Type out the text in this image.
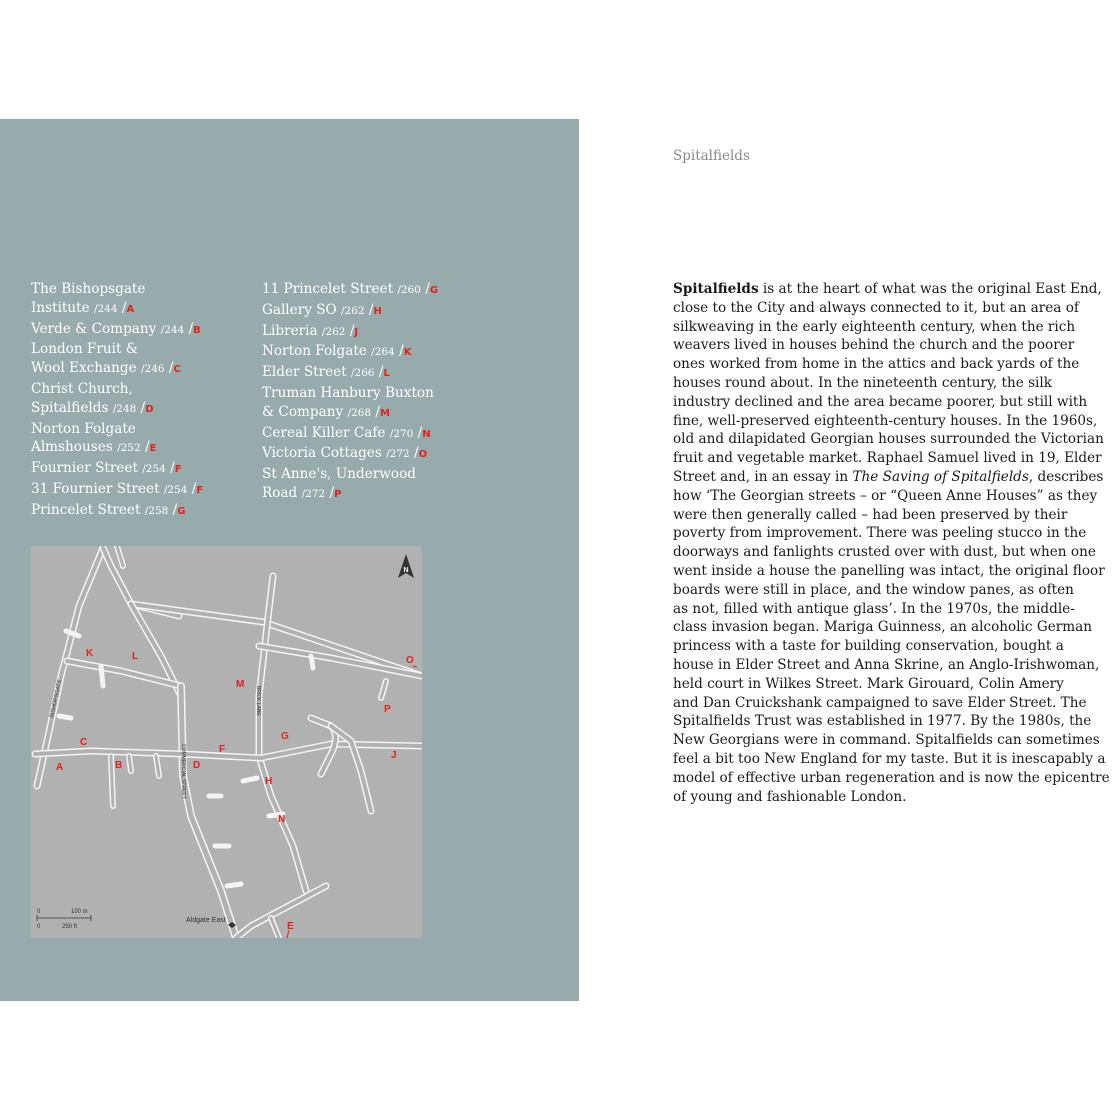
The Bishopsgate
Institute /244 /A
Verde & Company /244 /B
London Fruit &
Wool Exchange /246 /C
Christ Church,
Spitalfields /248 /D
Norton Folgate
Almshouses /252 /E
Fournier Street /254 /F
31 Fournier Street /254 /F
Princelet Street /258 /G
11 Princelet Street /260 /G
Gallery SO /262 /H
Libreria /262 /J
Norton Folgate /264 /K
Elder Street /266 /L
Truman Hanbury Buxton
& Company /268 /M
Cereal Killer Cafe /270 /N
Victoria Cottages /272 /O
St Anne's, Underwood
Road /272 /P
BISHOPSGATE
COMMERCIAL STREET
BRICK LANE
A	B
C
D
E
F
G
H
J
K	L
M
N
O
P
N
0	100 m
0	250 ft
Aldgate East
Spitalfields
Spitalfields is at the heart of what was the original East End,
close to the City and always connected to it, but an area of
silkweaving in the early eighteenth century, when the rich
weavers lived in houses behind the church and the poorer
ones worked from home in the attics and back yards of the
houses round about. In the nineteenth century, the silk
industry declined and the area became poorer, but still with
fine, well-preserved eighteenth-century houses. In the 1960s,
old and dilapidated Georgian houses surrounded the Victorian
fruit and vegetable market. Raphael Samuel lived in 19, Elder
Street and, in an essay in The Saving of Spitalfields, describes
how ‘The Georgian streets – or “Queen Anne Houses” as they
were then generally called – had been preserved by their
poverty from improvement. There was peeling stucco in the
doorways and fanlights crusted over with dust, but when one
went inside a house the panelling was intact, the original floor
boards were still in place, and the window panes, as often
as not, filled with antique glass’. In the 1970s, the middle-
class invasion began. Mariga Guinness, an alcoholic German
princess with a taste for building conservation, bought a
house in Elder Street and Anna Skrine, an Anglo-Irishwoman,
held court in Wilkes Street. Mark Girouard, Colin Amery
and Dan Cruickshank campaigned to save Elder Street. The
Spitalfields Trust was established in 1977. By the 1980s, the
New Georgians were in command. Spitalfields can sometimes
feel a bit too New England for my taste. But it is inescapably a
model of effective urban regeneration and is now the epicentre
of young and fashionable London.
